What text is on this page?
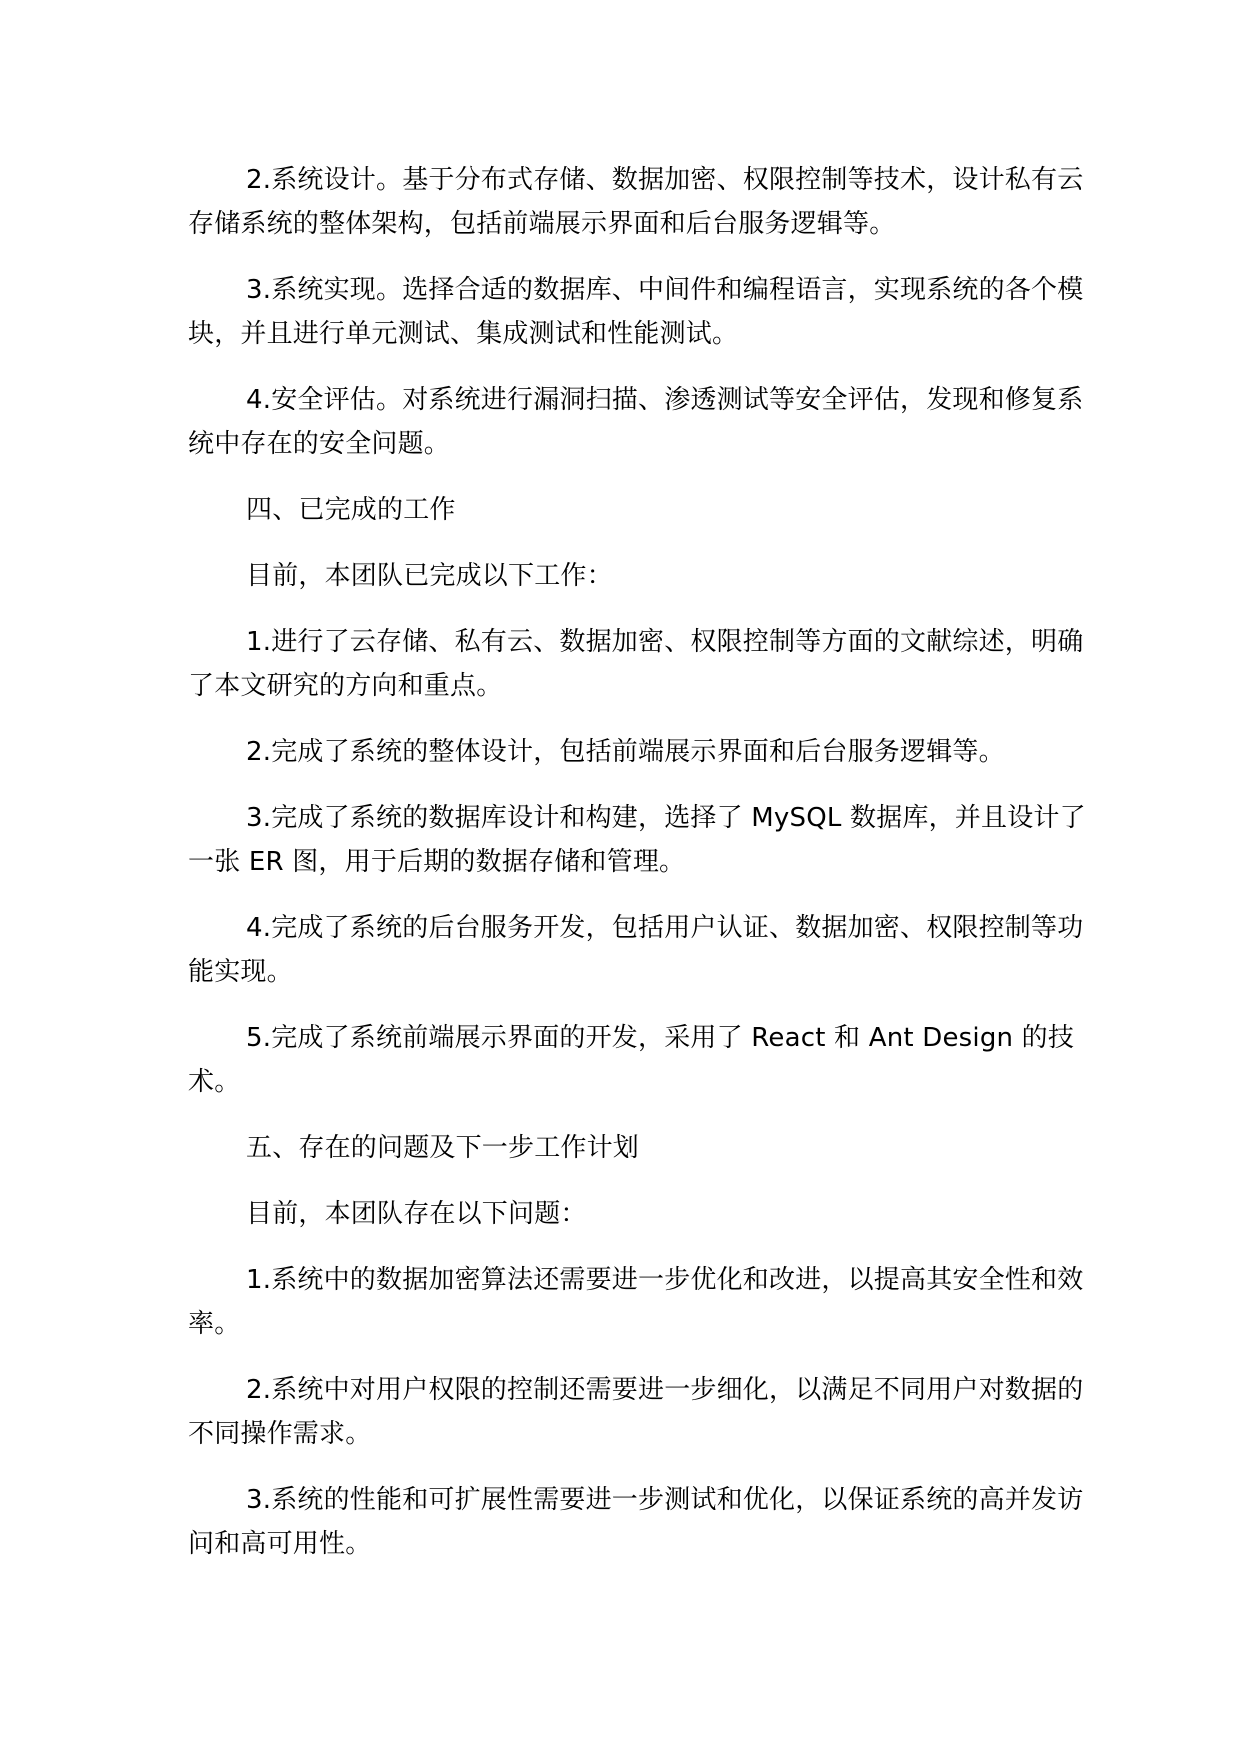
2.系统设计。基于分布式存储、数据加密、权限控制等技术，设计私有云存储系统的整体架构，包括前端展示界面和后台服务逻辑等。

3.系统实现。选择合适的数据库、中间件和编程语言，实现系统的各个模块，并且进行单元测试、集成测试和性能测试。

4.安全评估。对系统进行漏洞扫描、渗透测试等安全评估，发现和修复系统中存在的安全问题。

四、已完成的工作

目前，本团队已完成以下工作：

1.进行了云存储、私有云、数据加密、权限控制等方面的文献综述，明确了本文研究的方向和重点。

2.完成了系统的整体设计，包括前端展示界面和后台服务逻辑等。

3.完成了系统的数据库设计和构建，选择了 MySQL 数据库，并且设计了一张 ER 图，用于后期的数据存储和管理。

4.完成了系统的后台服务开发，包括用户认证、数据加密、权限控制等功能实现。

5.完成了系统前端展示界面的开发，采用了 React 和 Ant Design 的技术。

五、存在的问题及下一步工作计划

目前，本团队存在以下问题：

1.系统中的数据加密算法还需要进一步优化和改进，以提高其安全性和效率。

2.系统中对用户权限的控制还需要进一步细化，以满足不同用户对数据的不同操作需求。

3.系统的性能和可扩展性需要进一步测试和优化，以保证系统的高并发访问和高可用性。
